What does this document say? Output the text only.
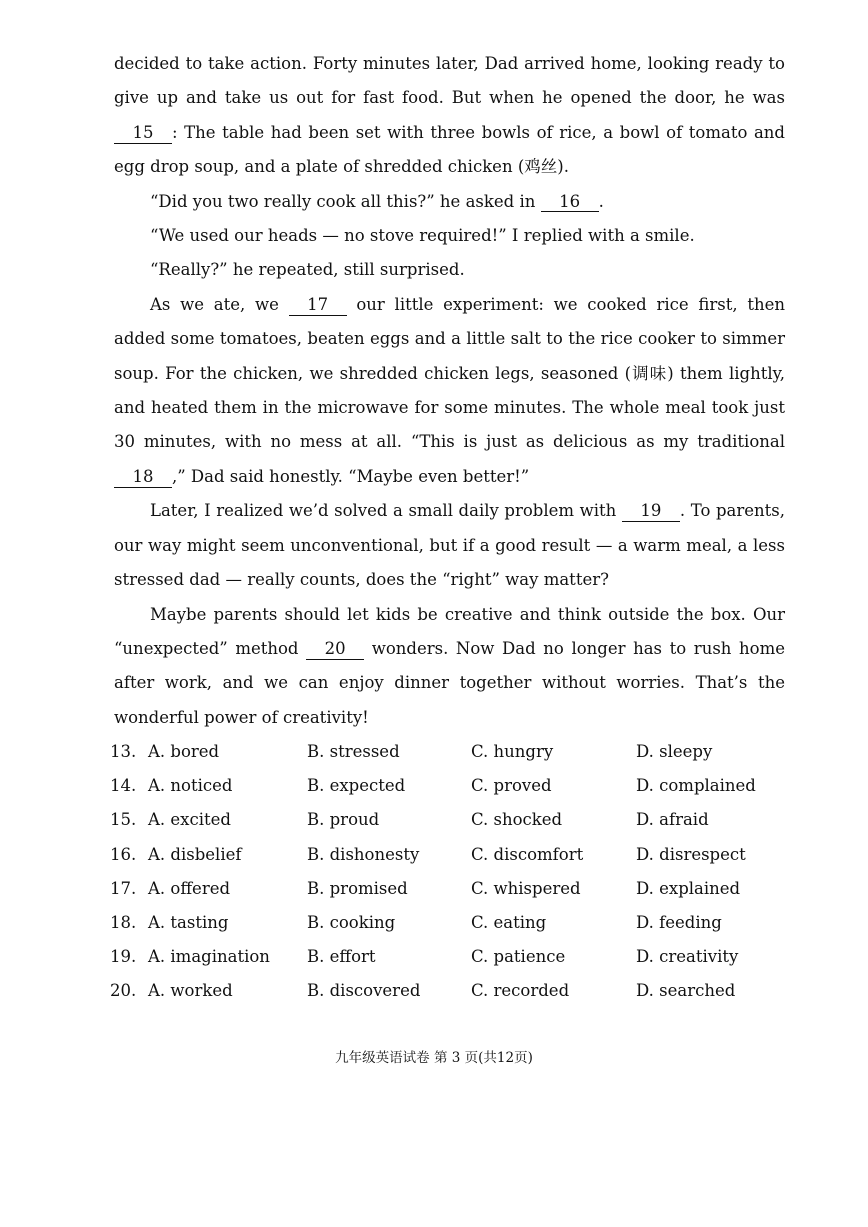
decided to take action. Forty minutes later, Dad arrived home, looking ready to give up and take us out for fast food. But when he opened the door, he was 15 : The table had been set with three bowls of rice, a bowl of tomato and egg drop soup, and a plate of shredded chicken (鸡丝).

“Did you two really cook all this?” he asked in 16 .

“We used our heads — no stove required!” I replied with a smile.

“Really?” he repeated, still surprised.

As we ate, we 17 our little experiment: we cooked rice first, then added some tomatoes, beaten eggs and a little salt to the rice cooker to simmer soup. For the chicken, we shredded chicken legs, seasoned (调味) them lightly, and heated them in the microwave for some minutes. The whole meal took just 30 minutes, with no mess at all. “This is just as delicious as my traditional 18 ,” Dad said honestly. “Maybe even better!”

Later, I realized we’d solved a small daily problem with 19 . To parents, our way might seem unconventional, but if a good result — a warm meal, a less stressed dad — really counts, does the “right” way matter?

Maybe parents should let kids be creative and think outside the box. Our “unexpected” method 20 wonders. Now Dad no longer has to rush home after work, and we can enjoy dinner together without worries. That’s the wonderful power of creativity!

13. A. bored	B. stressed	C. hungry	D. sleepy
14. A. noticed	B. expected	C. proved	D. complained
15. A. excited	B. proud	C. shocked	D. afraid
16. A. disbelief	B. dishonesty	C. discomfort	D. disrespect
17. A. offered	B. promised	C. whispered	D. explained
18. A. tasting	B. cooking	C. eating	D. feeding
19. A. imagination B. effort	C. patience	D. creativity
20. A. worked	B. discovered	C. recorded	D. searched
九年级英语试卷 第 3 页(共12页)
